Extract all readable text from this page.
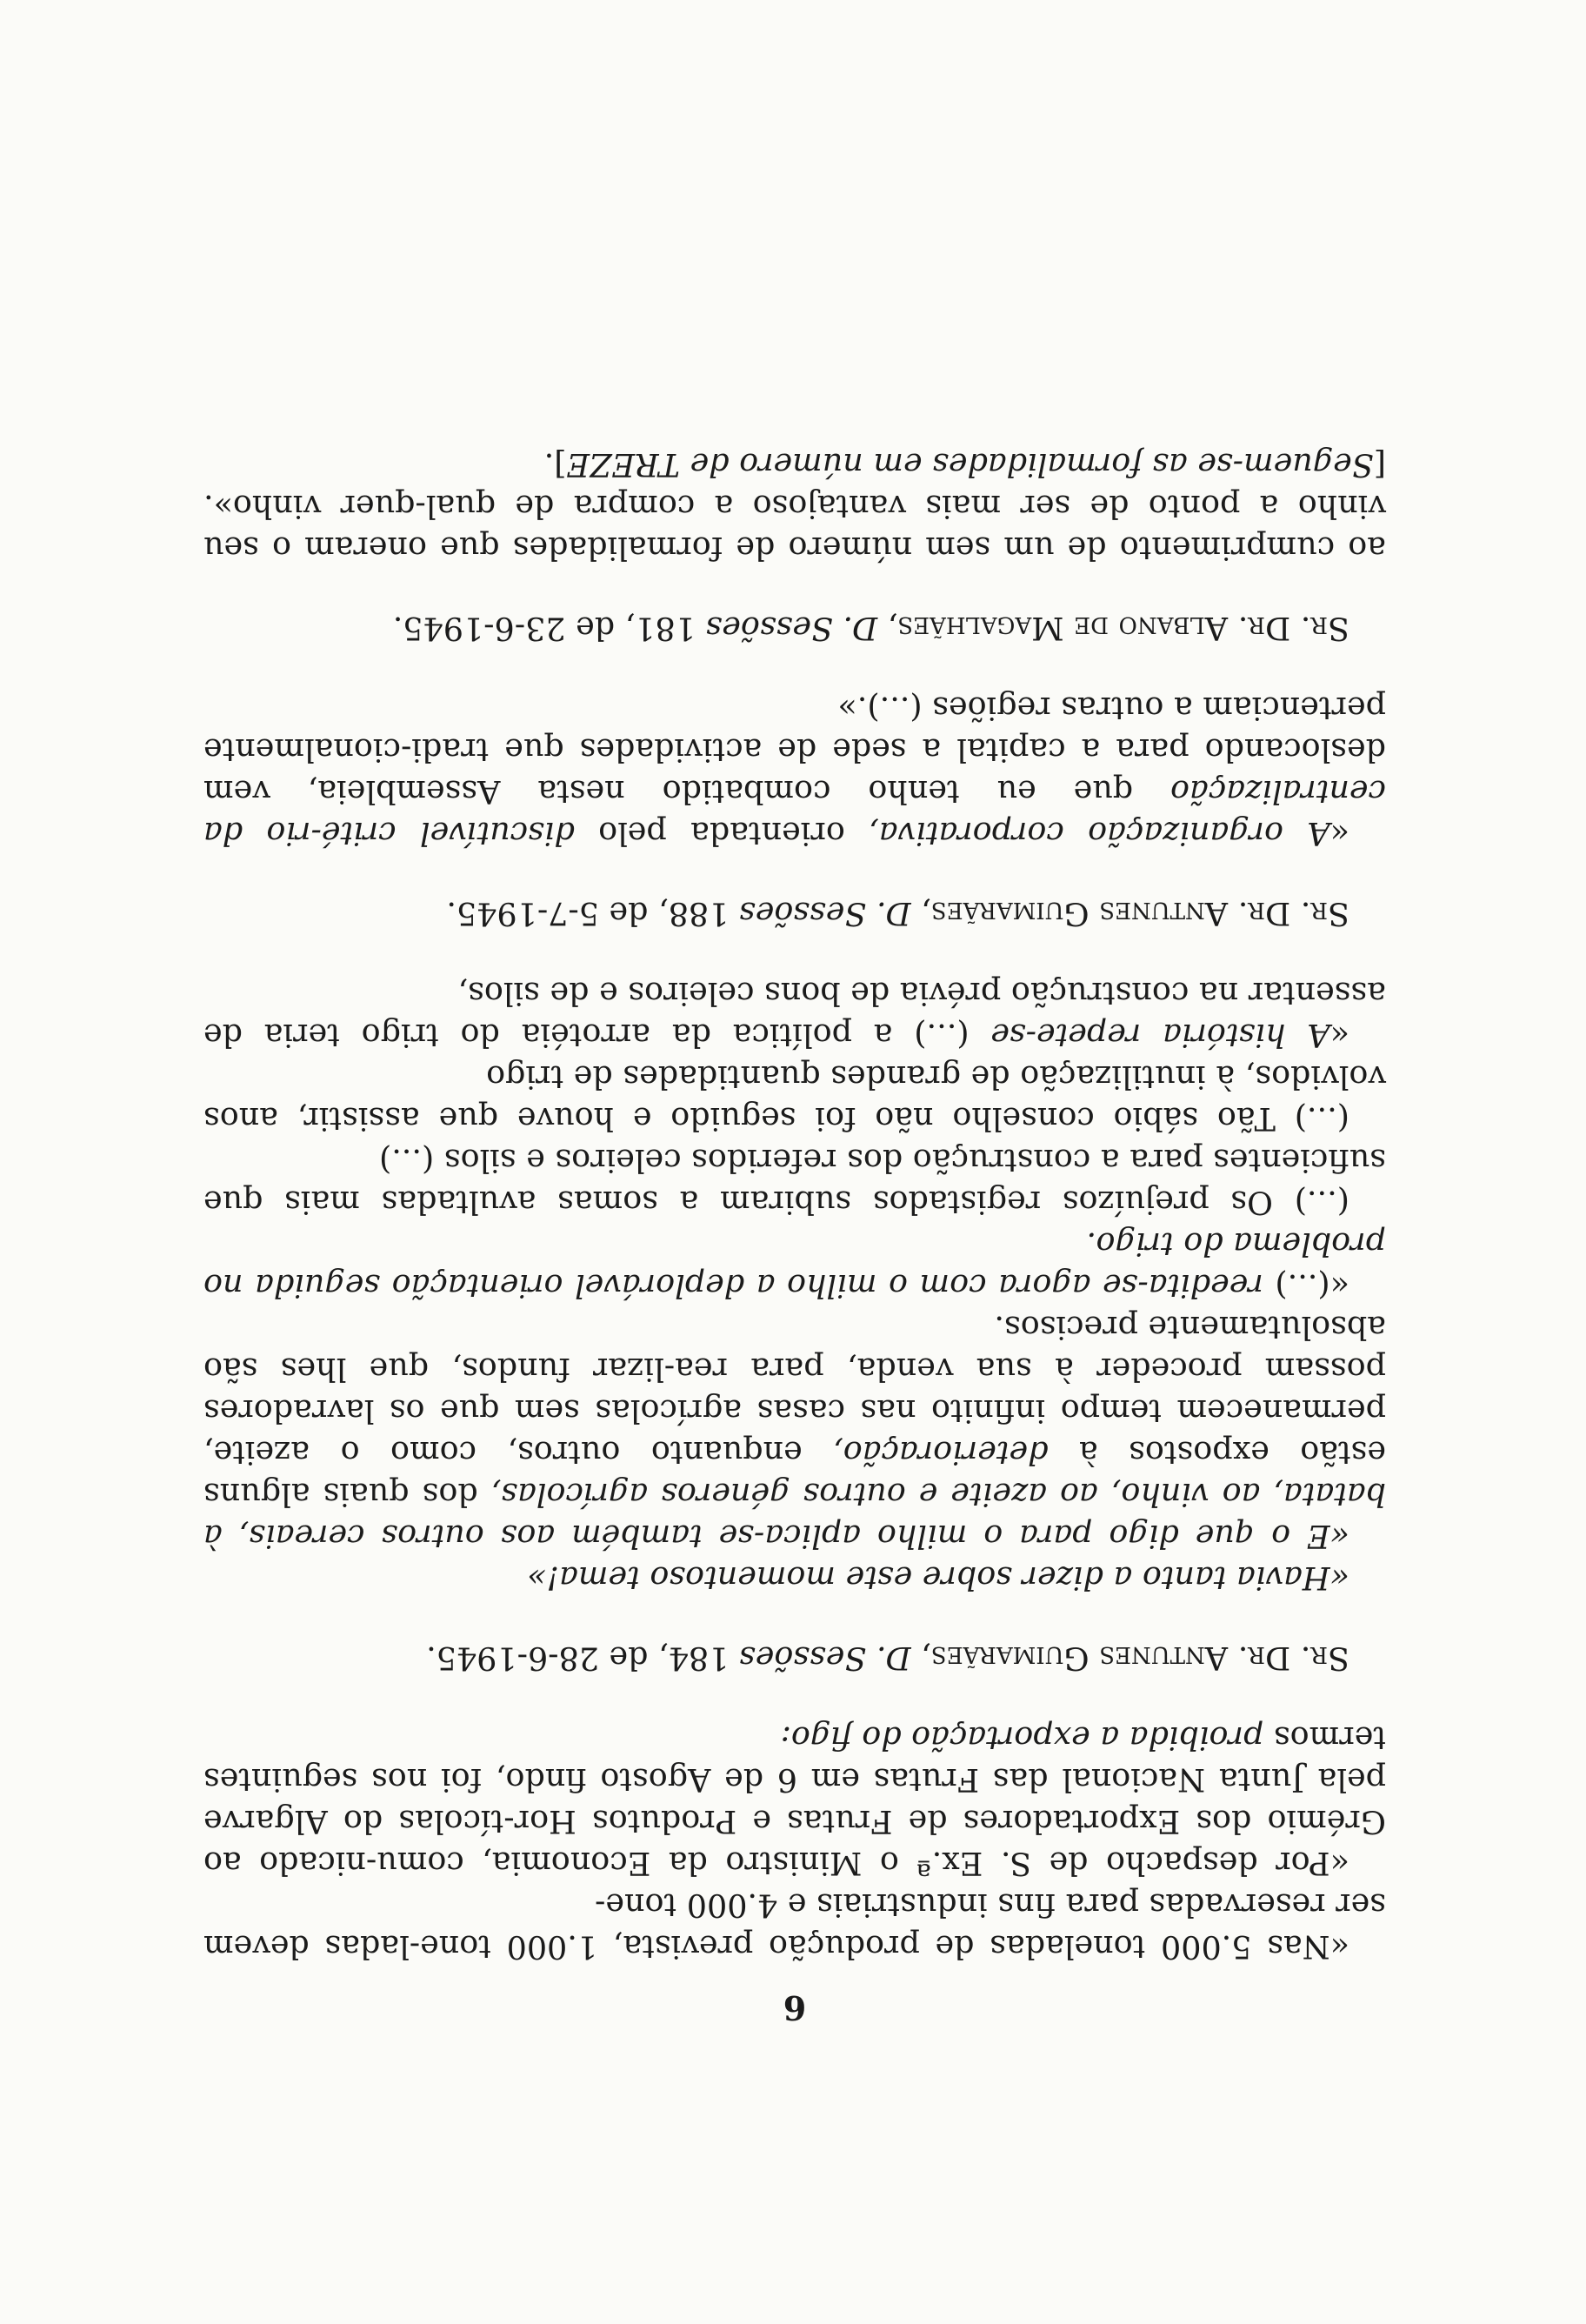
6

«Nas 5.000 toneladas de produção prevista, 1.000 tone-ladas devem ser reservadas para fins industriais e 4.000 tone-

«Por despacho de S. Ex.ª o Ministro da Economia, comu-nicado ao Grémio dos Exportadores de Frutas e Produtos Hor-tícolas do Algarve pela Junta Nacional das Frutas em 6 de Agosto findo, foi nos seguintes termos proibida a exportação do figo:

Sr. Dr. Antunes Guimarães, D. Sessões 184, de 28-6-1945.

«Havia tanto a dizer sobre este momentoso tema!»

«E o que digo para o milho aplica-se também aos outros cereais, à batata, ao vinho, ao azeite e outros géneros agrícolas, dos quais alguns estão expostos à deterioração, enquanto outros, como o azeite, permanecem tempo infinito nas casas agrícolas sem que os lavradores possam proceder à sua venda, para rea-lizar fundos, que lhes são absolutamente precisos.

«(...) reedita-se agora com o milho a deplorável orientação seguida no problema do trigo.

(...) Os prejuízos registados subiram a somas avultadas mais que suficientes para a construção dos referidos celeiros e silos (...)

(...) Tão sábio conselho não foi seguido e houve que assistir, anos volvidos, à inutilização de grandes quantidades de trigo

«A história repete-se (...) a política da arrotéia do trigo teria de assentar na construção prévia de bons celeiros e de silos,

Sr. Dr. Antunes Guimarães, D. Sessões 188, de 5-7-1945.

«A organização corporativa, orientada pelo discutível crité-rio da centralização que eu tenho combatido nesta Assembleia, vem deslocando para a capital a sede de actividades que tradi-cionalmente pertenciam a outras regiões (...).»

Sr. Dr. Albano de Magalhães, D. Sessões 181, de 23-6-1945.

ao cumprimento de um sem número de formalidades que oneram o seu vinho a ponto de ser mais vantajoso a compra de qual-quer vinho». [Seguem-se as formalidades em número de TREZE].
